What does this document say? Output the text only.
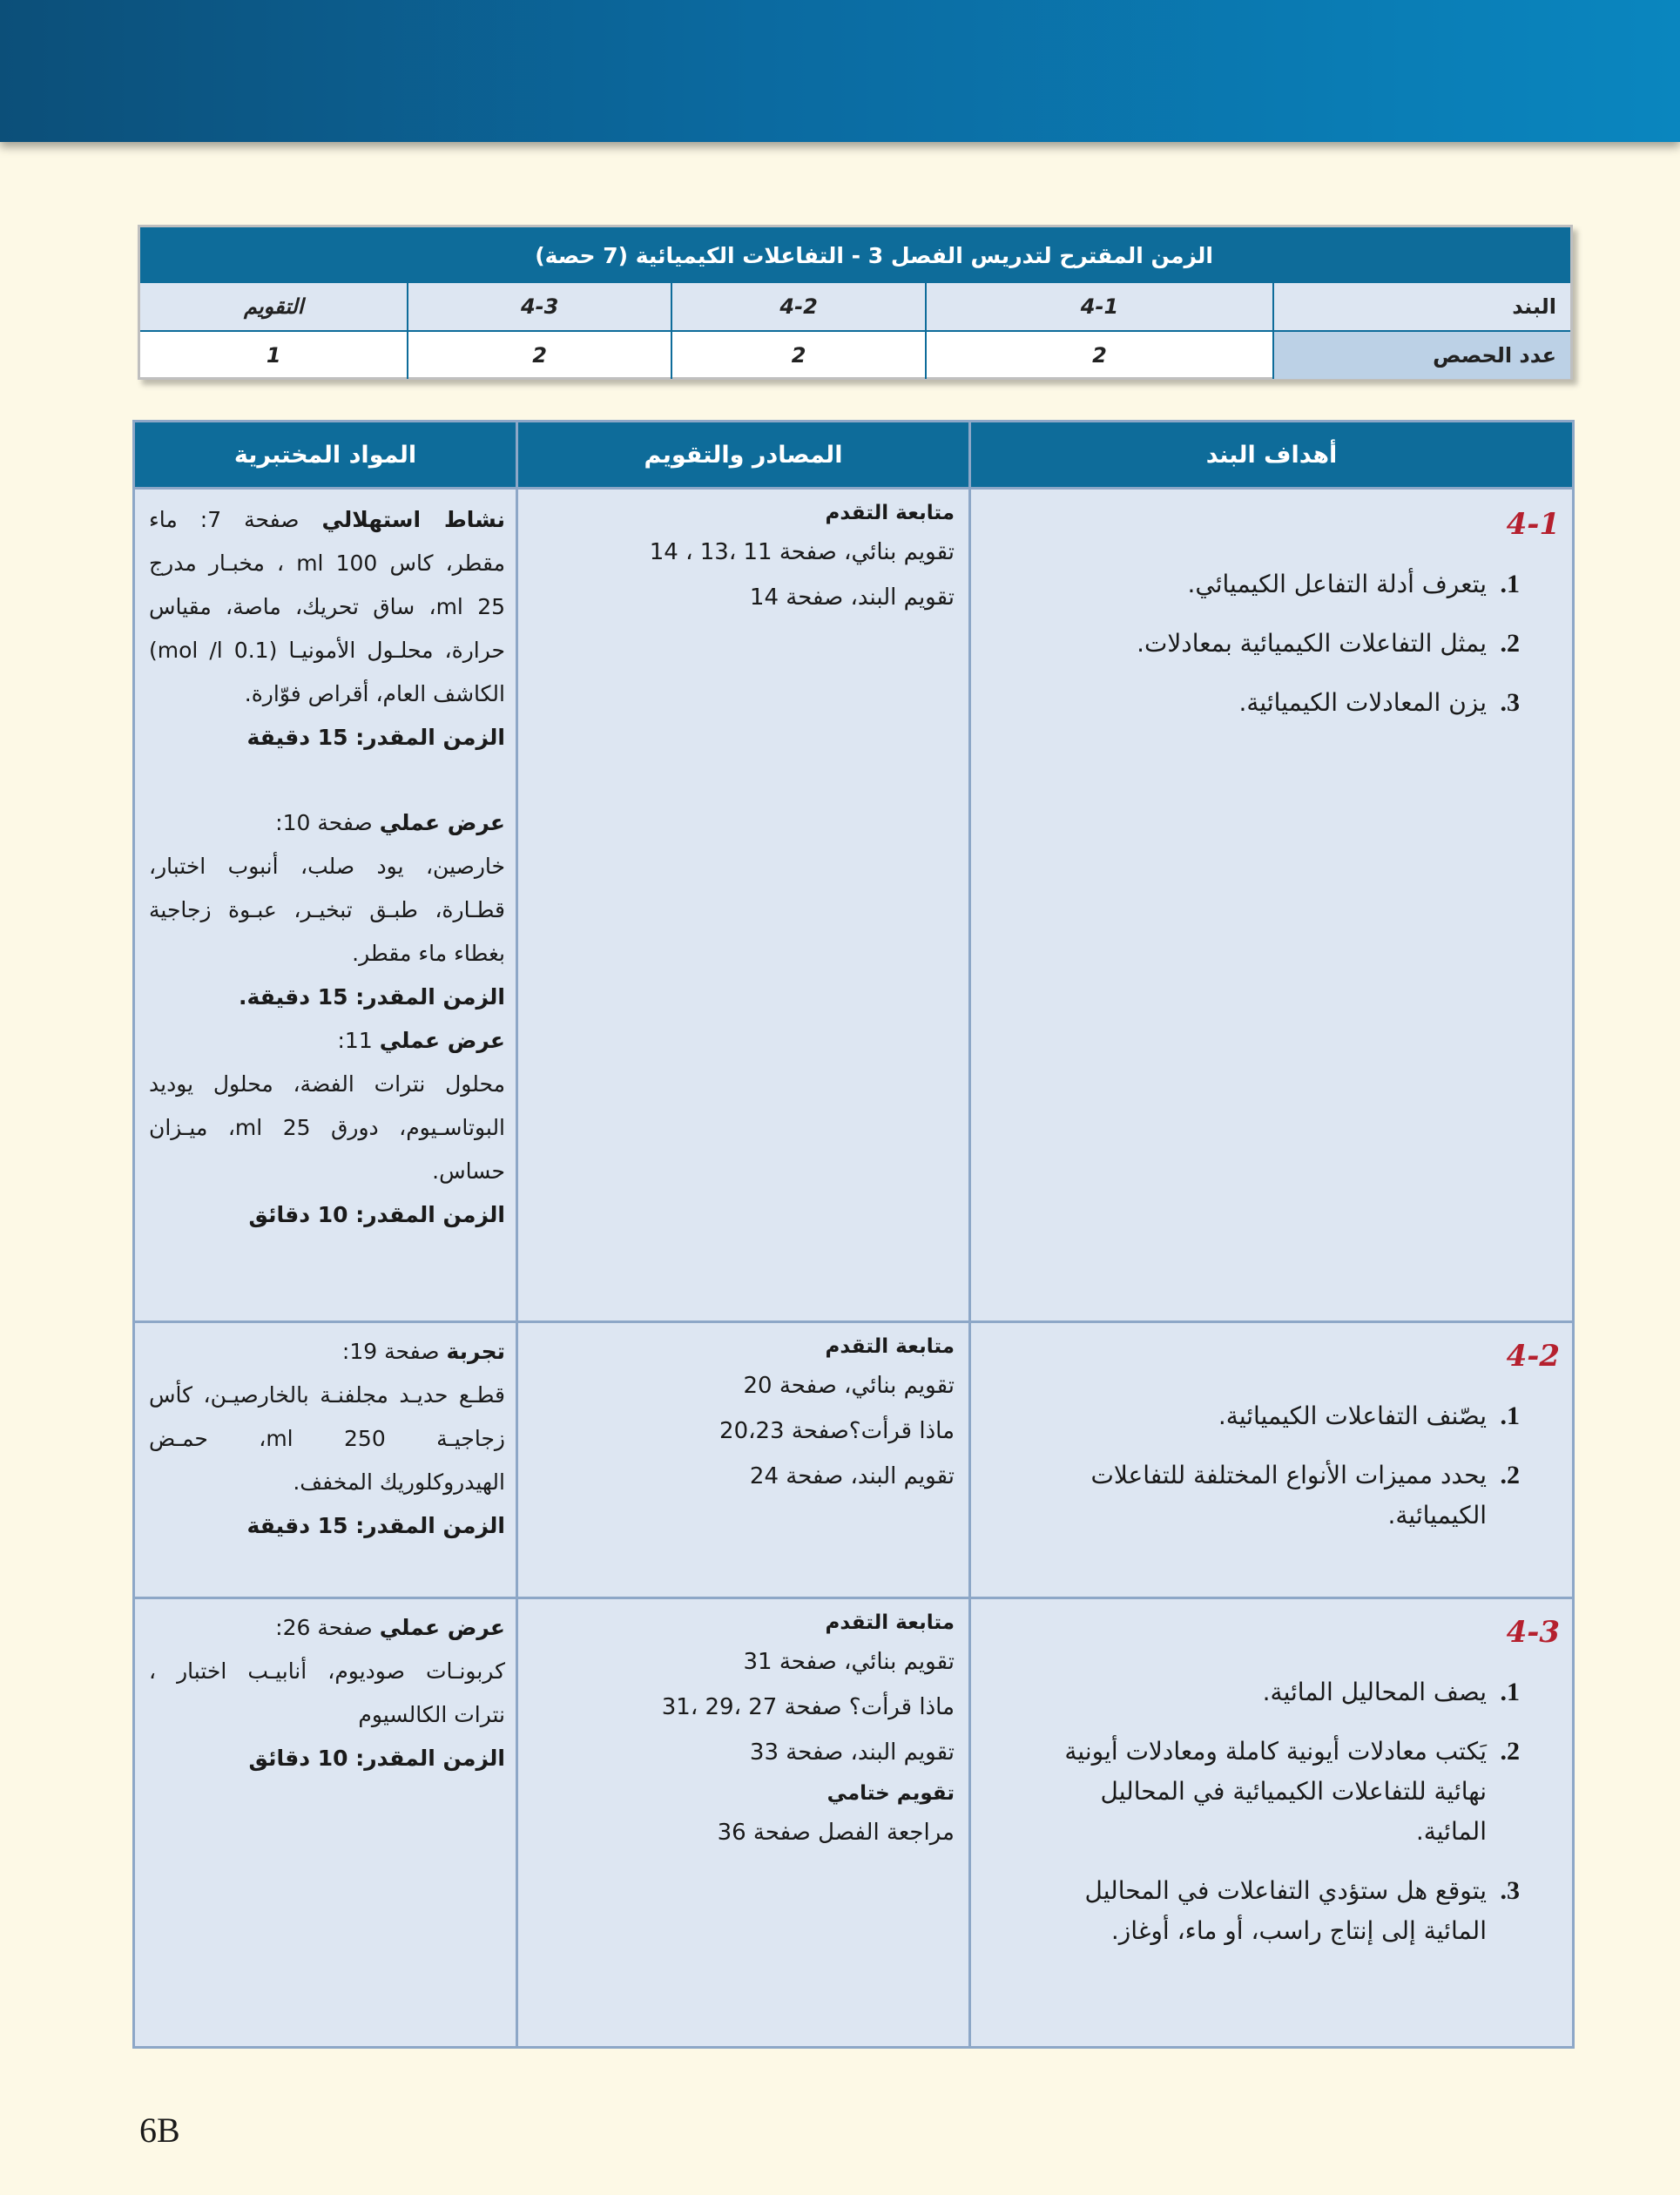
الزمن المقترح لتدريس الفصل 3 - التفاعلات الكيميائية (7 حصة)
البند
4-1
4-2
4-3
التقويم
عدد الحصص
2
2
2
1
أهداف البند
المصادر والتقويم
المواد المختبرية
4-1
1.
يتعرف أدلة التفاعل الكيميائي.
2.
يمثل التفاعلات الكيميائية بمعادلات.
3.
يزن المعادلات الكيميائية.
متابعة التقدم
تقويم بنائي، صفحة 11 ،13 ، 14
تقويم البند، صفحة 14
نشاط استهلالي صفحة 7: ماء مقطر، كاس 100 ml ، مخبـار مدرج 25 ml، ساق تحريك، ماصة، مقياس حرارة، محلـول الأمونيـا (0.1 mol /l) الكاشف العام، أقراص فوّارة.
الزمن المقدر: 15 دقيقة
عرض عملي صفحة 10:
خارصين، يود صلب، أنبوب اختبار، قطـارة، طبـق تبخيـر، عبـوة زجاجية بغطاء ماء مقطر.
الزمن المقدر: 15 دقيقة.
عرض عملي 11:
محلول نترات الفضة، محلول يوديد البوتاسـيوم، دورق 25 ml، ميـزان حساس.
الزمن المقدر: 10 دقائق
4-2
1.
يصّنف التفاعلات الكيميائية.
2.
يحدد مميزات الأنواع المختلفة للتفاعلات الكيميائية.
متابعة التقدم
تقويم بنائي، صفحة 20
ماذا قرأت؟صفحة 20،23
تقويم البند، صفحة 24
تجربة صفحة 19:
قطـع حديـد مجلفنـة بالخارصيـن، كأس زجاجيـة 250 ml، حمـض الهيدروكلوريك المخفف.
الزمن المقدر: 15 دقيقة
4-3
1.
يصف المحاليل المائية.
2.
يَكتب معادلات أيونية كاملة ومعادلات أيونية نهائية للتفاعلات الكيميائية في المحاليل المائية.
3.
يتوقع هل ستؤدي التفاعلات في المحاليل المائية إلى إنتاج راسب، أو ماء، أوغاز.
متابعة التقدم
تقويم بنائي، صفحة 31
ماذا قرأت؟ صفحة 27 ،29 ،31
تقويم البند، صفحة 33
تقويم ختامي
مراجعة الفصل صفحة 36
عرض عملي صفحة 26:
كربونـات صوديوم، أنابيـب اختبار ، نترات الكالسيوم
الزمن المقدر: 10 دقائق
6B
